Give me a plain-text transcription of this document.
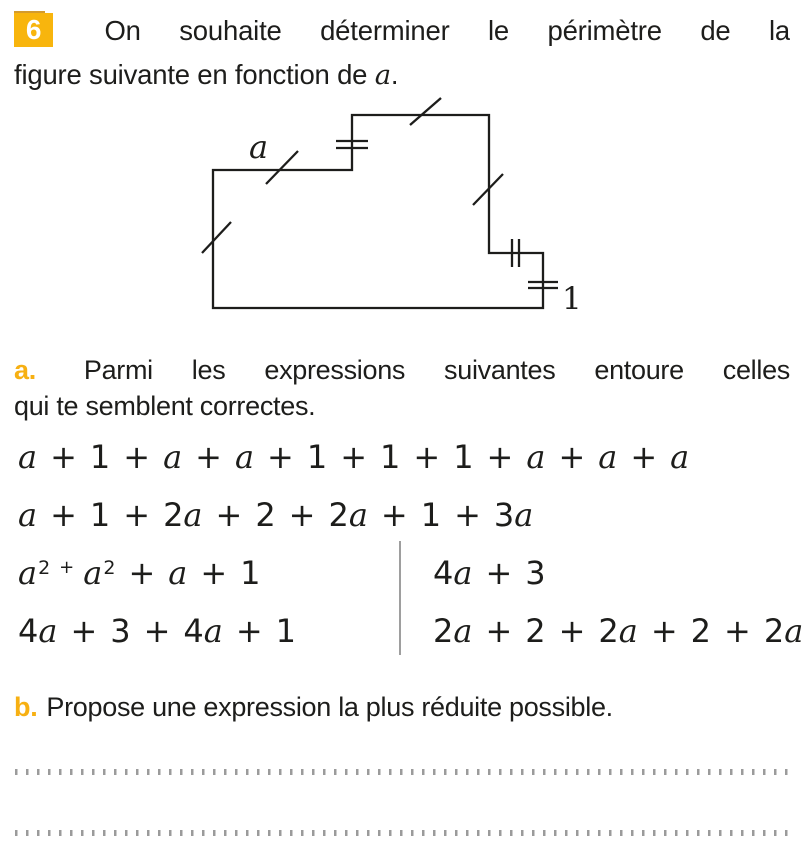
6	On souhaite déterminer le périmètre de la
figure suivante en fonction de a.
a
1
a. Parmi les expressions suivantes entoure celles
qui te semblent correctes.
a + 1 + a + a + 1 + 1 + 1 + a + a + a
a + 1 + 2a + 2 + 2a + 1 + 3a
$a^2$ + $a^2 + a + 1$	4a + 3
4a + 3 + 4a + 1	2a + 2 + 2a + 2 + 2a
b. Propose une expression la plus réduite possible.
